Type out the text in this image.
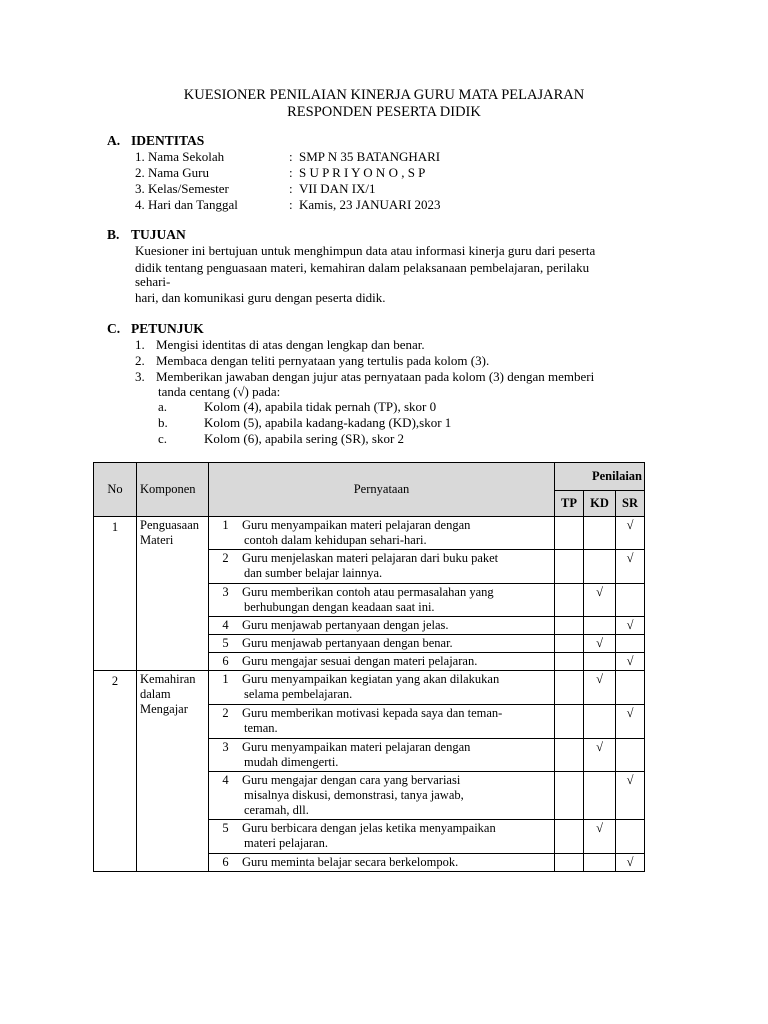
KUESIONER PENILAIAN KINERJA GURU MATA PELAJARAN
RESPONDEN PESERTA DIDIK
A. IDENTITAS
1. Nama Sekolah	: SMP N 35 BATANGHARI
2. Nama Guru	: S U P R I Y O N O , S P
3. Kelas/Semester	: VII DAN IX/1
4. Hari dan Tanggal	: Kamis, 23 JANUARI 2023
B. TUJUAN
Kuesioner ini bertujuan untuk menghimpun data atau informasi kinerja guru dari peserta
didik tentang penguasaan materi, kemahiran dalam pelaksanaan pembelajaran, perilaku
sehari-
hari, dan komunikasi guru dengan peserta didik.
C. PETUNJUK
1. Mengisi identitas di atas dengan lengkap dan benar.
2. Membaca dengan teliti pernyataan yang tertulis pada kolom (3).
3. Memberikan jawaban dengan jujur atas pernyataan pada kolom (3) dengan memberi
tanda centang (√) pada:
a.	Kolom (4), apabila tidak pernah (TP), skor 0
b.	Kolom (5), apabila kadang-kadang (KD),skor 1
c.	Kolom (6), apabila sering (SR), skor 2
No	Komponen	Pernyataan	Penilaian		
			TP	KD	SR
1	Penguasaan Materi	1 Guru menyampaikan materi pelajaran dengan
contoh dalam kehidupan sehari-hari.			√
		2 Guru menjelaskan materi pelajaran dari buku paket
dan sumber belajar lainnya.			√
		3 Guru memberikan contoh atau permasalahan yang
berhubungan dengan keadaan saat ini.		√	
		4 Guru menjawab pertanyaan dengan jelas.			√
		5 Guru menjawab pertanyaan dengan benar.		√	
		6 Guru mengajar sesuai dengan materi pelajaran.			√
2	Kemahiran dalam Mengajar	1 Guru menyampaikan kegiatan yang akan dilakukan
selama pembelajaran.		√	
		2 Guru memberikan motivasi kepada saya dan teman-
teman.			√
		3 Guru menyampaikan materi pelajaran dengan
mudah dimengerti.		√	
		4 Guru mengajar dengan cara yang bervariasi
misalnya diskusi, demonstrasi, tanya jawab,
ceramah, dll.			√
		5 Guru berbicara dengan jelas ketika menyampaikan
materi pelajaran.		√	
		6 Guru meminta belajar secara berkelompok.			√
